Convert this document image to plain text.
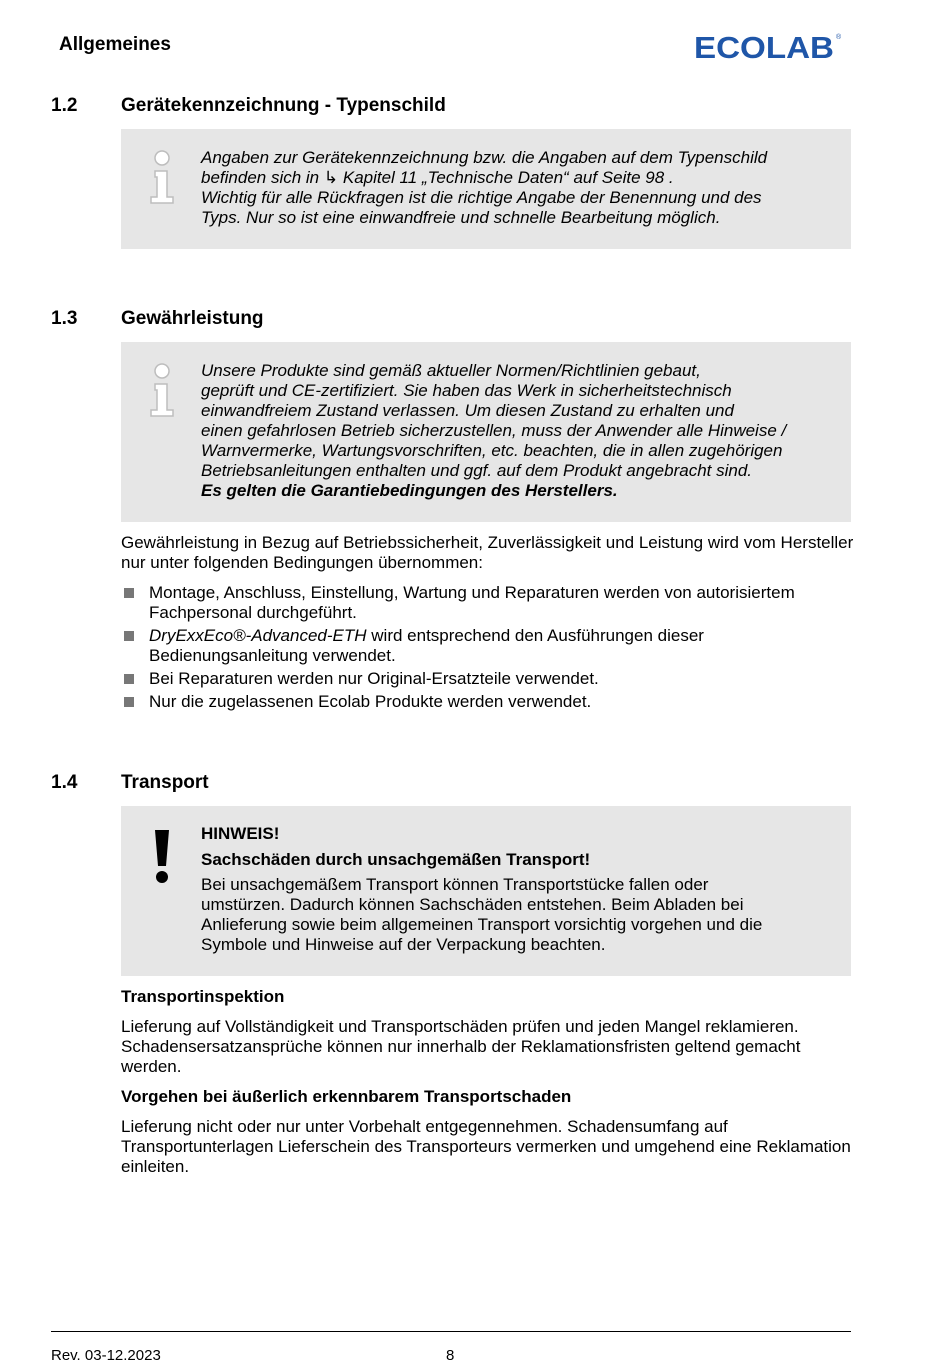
Allgemeines	ECOLAB ®
1.2 Gerätekennzeichnung - Typenschild
Angaben zur Gerätekennzeichnung bzw. die Angaben auf dem Typenschild
befinden sich in ↳ Kapitel 11 „Technische Daten“ auf Seite 98 .
Wichtig für alle Rückfragen ist die richtige Angabe der Benennung und des
Typs. Nur so ist eine einwandfreie und schnelle Bearbeitung möglich.
1.3 Gewährleistung
Unsere Produkte sind gemäß aktueller Normen/Richtlinien gebaut,
geprüft und CE-zertifiziert. Sie haben das Werk in sicherheitstechnisch
einwandfreiem Zustand verlassen. Um diesen Zustand zu erhalten und
einen gefahrlosen Betrieb sicherzustellen, muss der Anwender alle Hinweise /
Warnvermerke, Wartungsvorschriften, etc. beachten, die in allen zugehörigen
Betriebsanleitungen enthalten und ggf. auf dem Produkt angebracht sind.
Es gelten die Garantiebedingungen des Herstellers.
Gewährleistung in Bezug auf Betriebssicherheit, Zuverlässigkeit und Leistung wird vom Hersteller nur unter folgenden Bedingungen übernommen:
Montage, Anschluss, Einstellung, Wartung und Reparaturen werden von autorisiertem Fachpersonal durchgeführt.
DryExxEco®-Advanced-ETH wird entsprechend den Ausführungen dieser Bedienungsanleitung verwendet.
Bei Reparaturen werden nur Original-Ersatzteile verwendet.
Nur die zugelassenen Ecolab Produkte werden verwendet.
1.4 Transport
HINWEIS!
Sachschäden durch unsachgemäßen Transport!
Bei unsachgemäßem Transport können Transportstücke fallen oder
umstürzen. Dadurch können Sachschäden entstehen. Beim Abladen bei
Anlieferung sowie beim allgemeinen Transport vorsichtig vorgehen und die
Symbole und Hinweise auf der Verpackung beachten.
Transportinspektion
Lieferung auf Vollständigkeit und Transportschäden prüfen und jeden Mangel reklamieren. Schadensersatzansprüche können nur innerhalb der Reklamationsfristen geltend gemacht werden.
Vorgehen bei äußerlich erkennbarem Transportschaden
Lieferung nicht oder nur unter Vorbehalt entgegennehmen. Schadensumfang auf Transportunterlagen Lieferschein des Transporteurs vermerken und umgehend eine Reklamation einleiten.
Rev. 03-12.2023	8
